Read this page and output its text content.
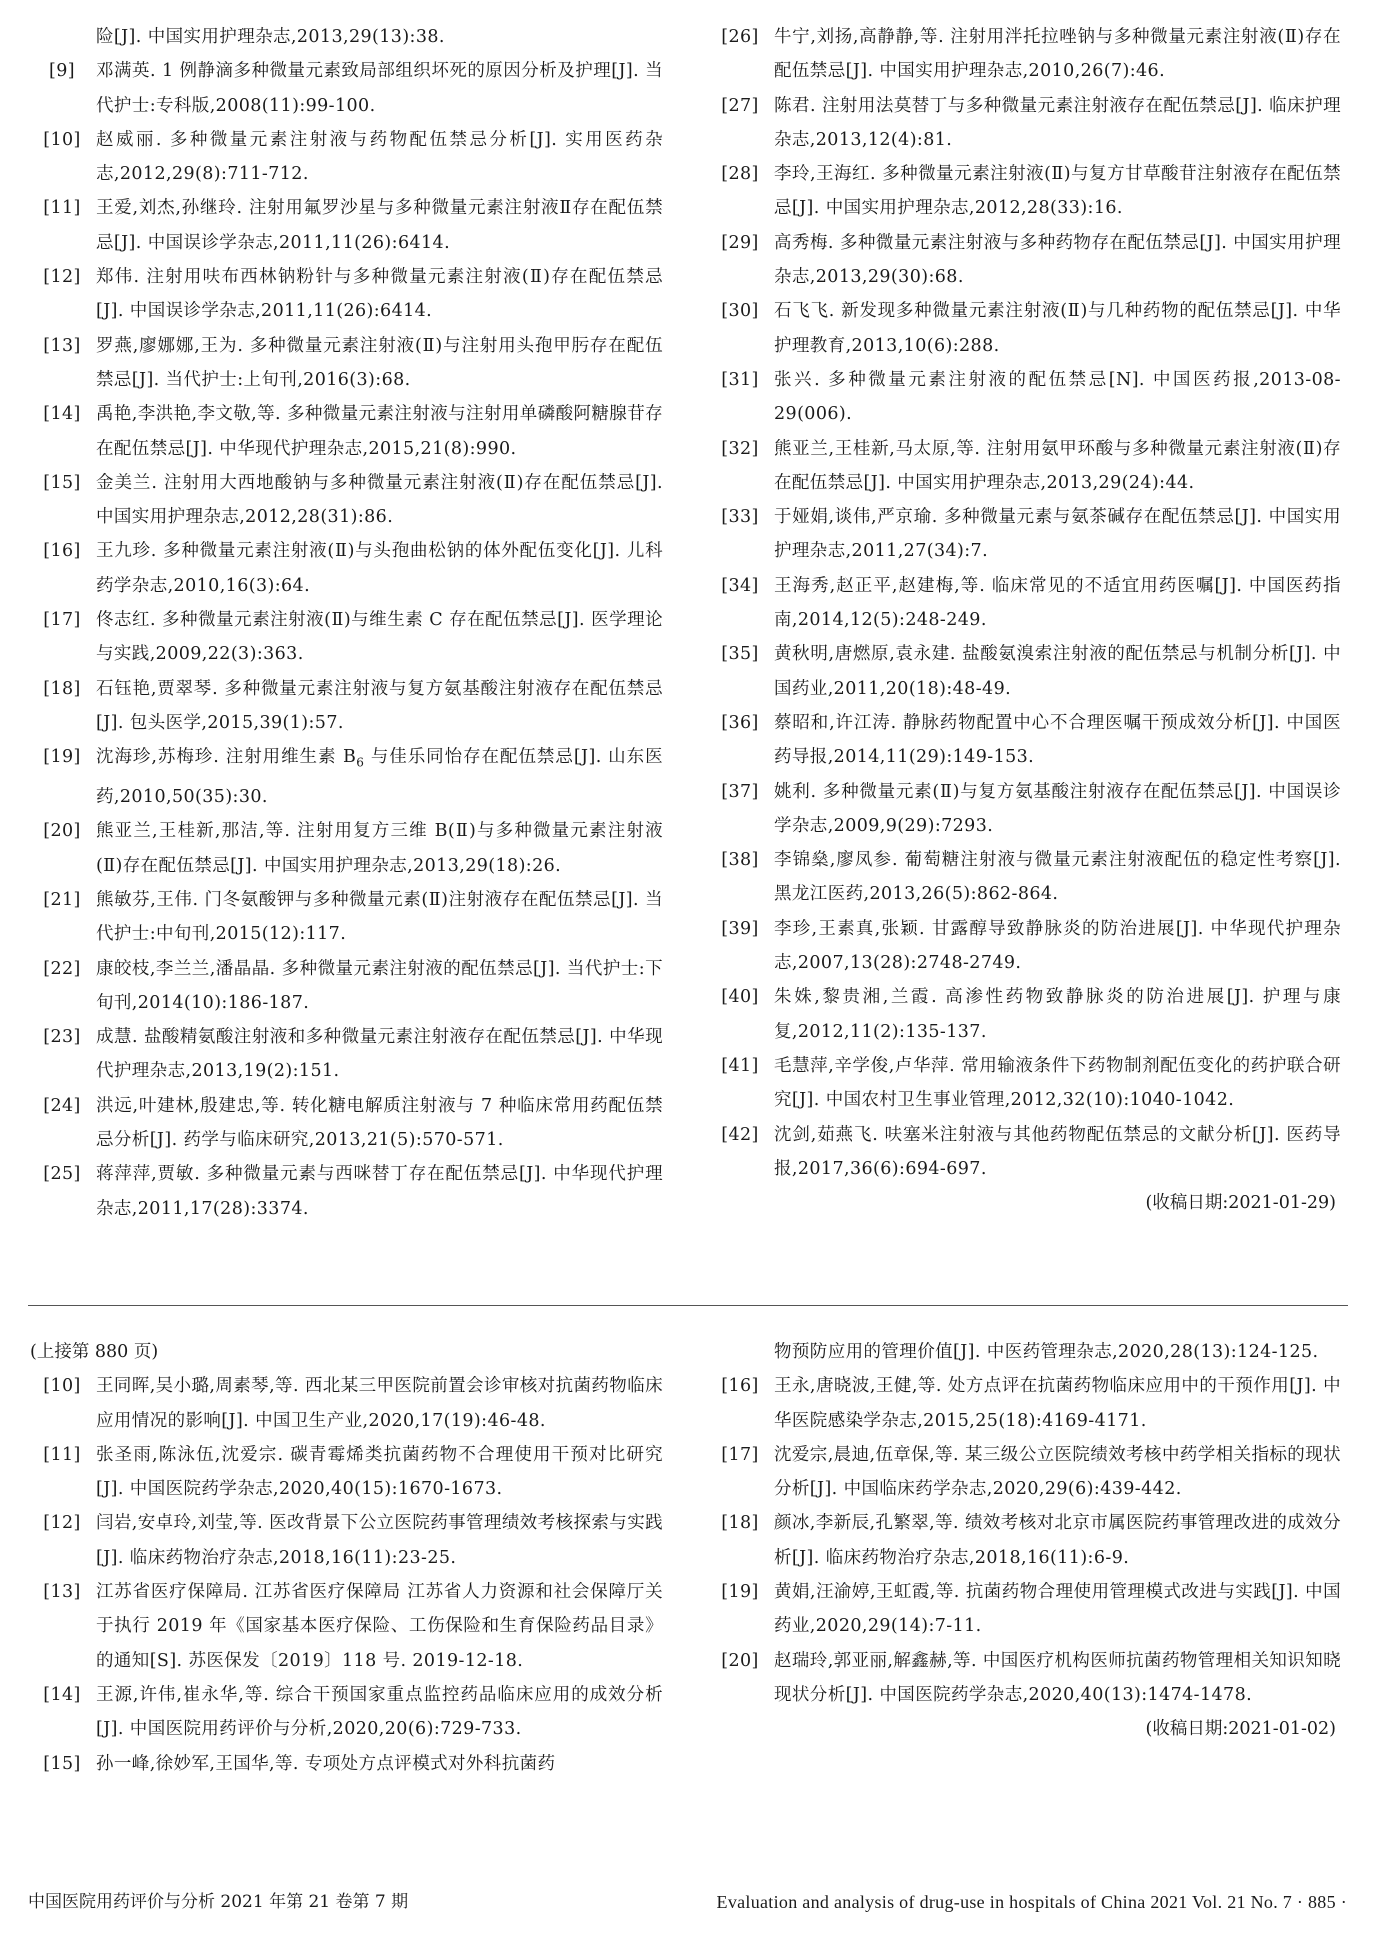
险[J]. 中国实用护理杂志,2013,29(13):38.
[9]	邓满英. 1 例静滴多种微量元素致局部组织坏死的原因分析及护理[J]. 当代护士:专科版,2008(11):99-100.
[10] 赵威丽. 多种微量元素注射液与药物配伍禁忌分析[J]. 实用医药杂志,2012,29(8):711-712.
[11] 王爱,刘杰,孙继玲. 注射用氟罗沙星与多种微量元素注射液Ⅱ存在配伍禁忌[J]. 中国误诊学杂志,2011,11(26):6414.
[12] 郑伟. 注射用呋布西林钠粉针与多种微量元素注射液(Ⅱ)存在配伍禁忌[J]. 中国误诊学杂志,2011,11(26):6414.
[13] 罗燕,廖娜娜,王为. 多种微量元素注射液(Ⅱ)与注射用头孢甲肟存在配伍禁忌[J]. 当代护士:上旬刊,2016(3):68.
[14] 禹艳,李洪艳,李文敬,等. 多种微量元素注射液与注射用单磷酸阿糖腺苷存在配伍禁忌[J]. 中华现代护理杂志,2015,21(8):990.
[15] 金美兰. 注射用大西地酸钠与多种微量元素注射液(Ⅱ)存在配伍禁忌[J]. 中国实用护理杂志,2012,28(31):86.
[16] 王九珍. 多种微量元素注射液(Ⅱ)与头孢曲松钠的体外配伍变化[J]. 儿科药学杂志,2010,16(3):64.
[17] 佟志红. 多种微量元素注射液(Ⅱ)与维生素 C 存在配伍禁忌[J]. 医学理论与实践,2009,22(3):363.
[18] 石钰艳,贾翠琴. 多种微量元素注射液与复方氨基酸注射液存在配伍禁忌[J]. 包头医学,2015,39(1):57.
[19] 沈海珍,苏梅珍. 注射用维生素 $B_6$ 与佳乐同怡存在配伍禁忌[J]. 山东医药,2010,50(35):30.
[20] 熊亚兰,王桂新,那洁,等. 注射用复方三维 B(Ⅱ)与多种微量元素注射液(Ⅱ)存在配伍禁忌[J]. 中国实用护理杂志,2013,29(18):26.
[21] 熊敏芬,王伟. 门冬氨酸钾与多种微量元素(Ⅱ)注射液存在配伍禁忌[J]. 当代护士:中旬刊,2015(12):117.
[22] 康皎枝,李兰兰,潘晶晶. 多种微量元素注射液的配伍禁忌[J]. 当代护士:下旬刊,2014(10):186-187.
[23] 成慧. 盐酸精氨酸注射液和多种微量元素注射液存在配伍禁忌[J]. 中华现代护理杂志,2013,19(2):151.
[24] 洪远,叶建林,殷建忠,等. 转化糖电解质注射液与 7 种临床常用药配伍禁忌分析[J]. 药学与临床研究,2013,21(5):570-571.
[25] 蒋萍萍,贾敏. 多种微量元素与西咪替丁存在配伍禁忌[J]. 中华现代护理杂志,2011,17(28):3374.
[26] 牛宁,刘扬,高静静,等. 注射用泮托拉唑钠与多种微量元素注射液(Ⅱ)存在配伍禁忌[J]. 中国实用护理杂志,2010,26(7):46.
[27] 陈君. 注射用法莫替丁与多种微量元素注射液存在配伍禁忌[J]. 临床护理杂志,2013,12(4):81.
[28] 李玲,王海红. 多种微量元素注射液(Ⅱ)与复方甘草酸苷注射液存在配伍禁忌[J]. 中国实用护理杂志,2012,28(33):16.
[29] 高秀梅. 多种微量元素注射液与多种药物存在配伍禁忌[J]. 中国实用护理杂志,2013,29(30):68.
[30] 石飞飞. 新发现多种微量元素注射液(Ⅱ)与几种药物的配伍禁忌[J]. 中华护理教育,2013,10(6):288.
[31] 张兴. 多种微量元素注射液的配伍禁忌[N]. 中国医药报,2013-08-29(006).
[32] 熊亚兰,王桂新,马太原,等. 注射用氨甲环酸与多种微量元素注射液(Ⅱ)存在配伍禁忌[J]. 中国实用护理杂志,2013,29(24):44.
[33] 于娅娟,谈伟,严京瑜. 多种微量元素与氨茶碱存在配伍禁忌[J]. 中国实用护理杂志,2011,27(34):7.
[34] 王海秀,赵正平,赵建梅,等. 临床常见的不适宜用药医嘱[J]. 中国医药指南,2014,12(5):248-249.
[35] 黄秋明,唐燃原,袁永建. 盐酸氨溴索注射液的配伍禁忌与机制分析[J]. 中国药业,2011,20(18):48-49.
[36] 蔡昭和,许江涛. 静脉药物配置中心不合理医嘱干预成效分析[J]. 中国医药导报,2014,11(29):149-153.
[37] 姚利. 多种微量元素(Ⅱ)与复方氨基酸注射液存在配伍禁忌[J]. 中国误诊学杂志,2009,9(29):7293.
[38] 李锦燊,廖凤参. 葡萄糖注射液与微量元素注射液配伍的稳定性考察[J]. 黑龙江医药,2013,26(5):862-864.
[39] 李珍,王素真,张颖. 甘露醇导致静脉炎的防治进展[J]. 中华现代护理杂志,2007,13(28):2748-2749.
[40] 朱姝,黎贵湘,兰霞. 高渗性药物致静脉炎的防治进展[J]. 护理与康复,2012,11(2):135-137.
[41] 毛慧萍,辛学俊,卢华萍. 常用输液条件下药物制剂配伍变化的药护联合研究[J]. 中国农村卫生事业管理,2012,32(10):1040-1042.
[42] 沈剑,茹燕飞. 呋塞米注射液与其他药物配伍禁忌的文献分析[J]. 医药导报,2017,36(6):694-697.
(收稿日期:2021-01-29)
(上接第 880 页)
[10] 王同晖,吴小璐,周素琴,等. 西北某三甲医院前置会诊审核对抗菌药物临床应用情况的影响[J]. 中国卫生产业,2020,17(19):46-48.
[11] 张圣雨,陈泳伍,沈爱宗. 碳青霉烯类抗菌药物不合理使用干预对比研究[J]. 中国医院药学杂志,2020,40(15):1670-1673.
[12] 闫岩,安卓玲,刘莹,等. 医改背景下公立医院药事管理绩效考核探索与实践[J]. 临床药物治疗杂志,2018,16(11):23-25.
[13] 江苏省医疗保障局. 江苏省医疗保障局 江苏省人力资源和社会保障厅关于执行 2019 年《国家基本医疗保险、工伤保险和生育保险药品目录》的通知[S]. 苏医保发〔2019〕118 号. 2019-12-18.
[14] 王源,许伟,崔永华,等. 综合干预国家重点监控药品临床应用的成效分析[J]. 中国医院用药评价与分析,2020,20(6):729-733.
[15] 孙一峰,徐妙军,王国华,等. 专项处方点评模式对外科抗菌药
物预防应用的管理价值[J]. 中医药管理杂志,2020,28(13):124-125.
[16] 王永,唐晓波,王健,等. 处方点评在抗菌药物临床应用中的干预作用[J]. 中华医院感染学杂志,2015,25(18):4169-4171.
[17] 沈爱宗,晨迪,伍章保,等. 某三级公立医院绩效考核中药学相关指标的现状分析[J]. 中国临床药学杂志,2020,29(6):439-442.
[18] 颜冰,李新辰,孔繁翠,等. 绩效考核对北京市属医院药事管理改进的成效分析[J]. 临床药物治疗杂志,2018,16(11):6-9.
[19] 黄娟,汪渝婷,王虹霞,等. 抗菌药物合理使用管理模式改进与实践[J]. 中国药业,2020,29(14):7-11.
[20] 赵瑞玲,郭亚丽,解鑫赫,等. 中国医疗机构医师抗菌药物管理相关知识知晓现状分析[J]. 中国医院药学杂志,2020,40(13):1474-1478.
(收稿日期:2021-01-02)
中国医院用药评价与分析 2021 年第 21 卷第 7 期	Evaluation and analysis of drug-use in hospitals of China 2021 Vol. 21 No. 7 · 885 ·
